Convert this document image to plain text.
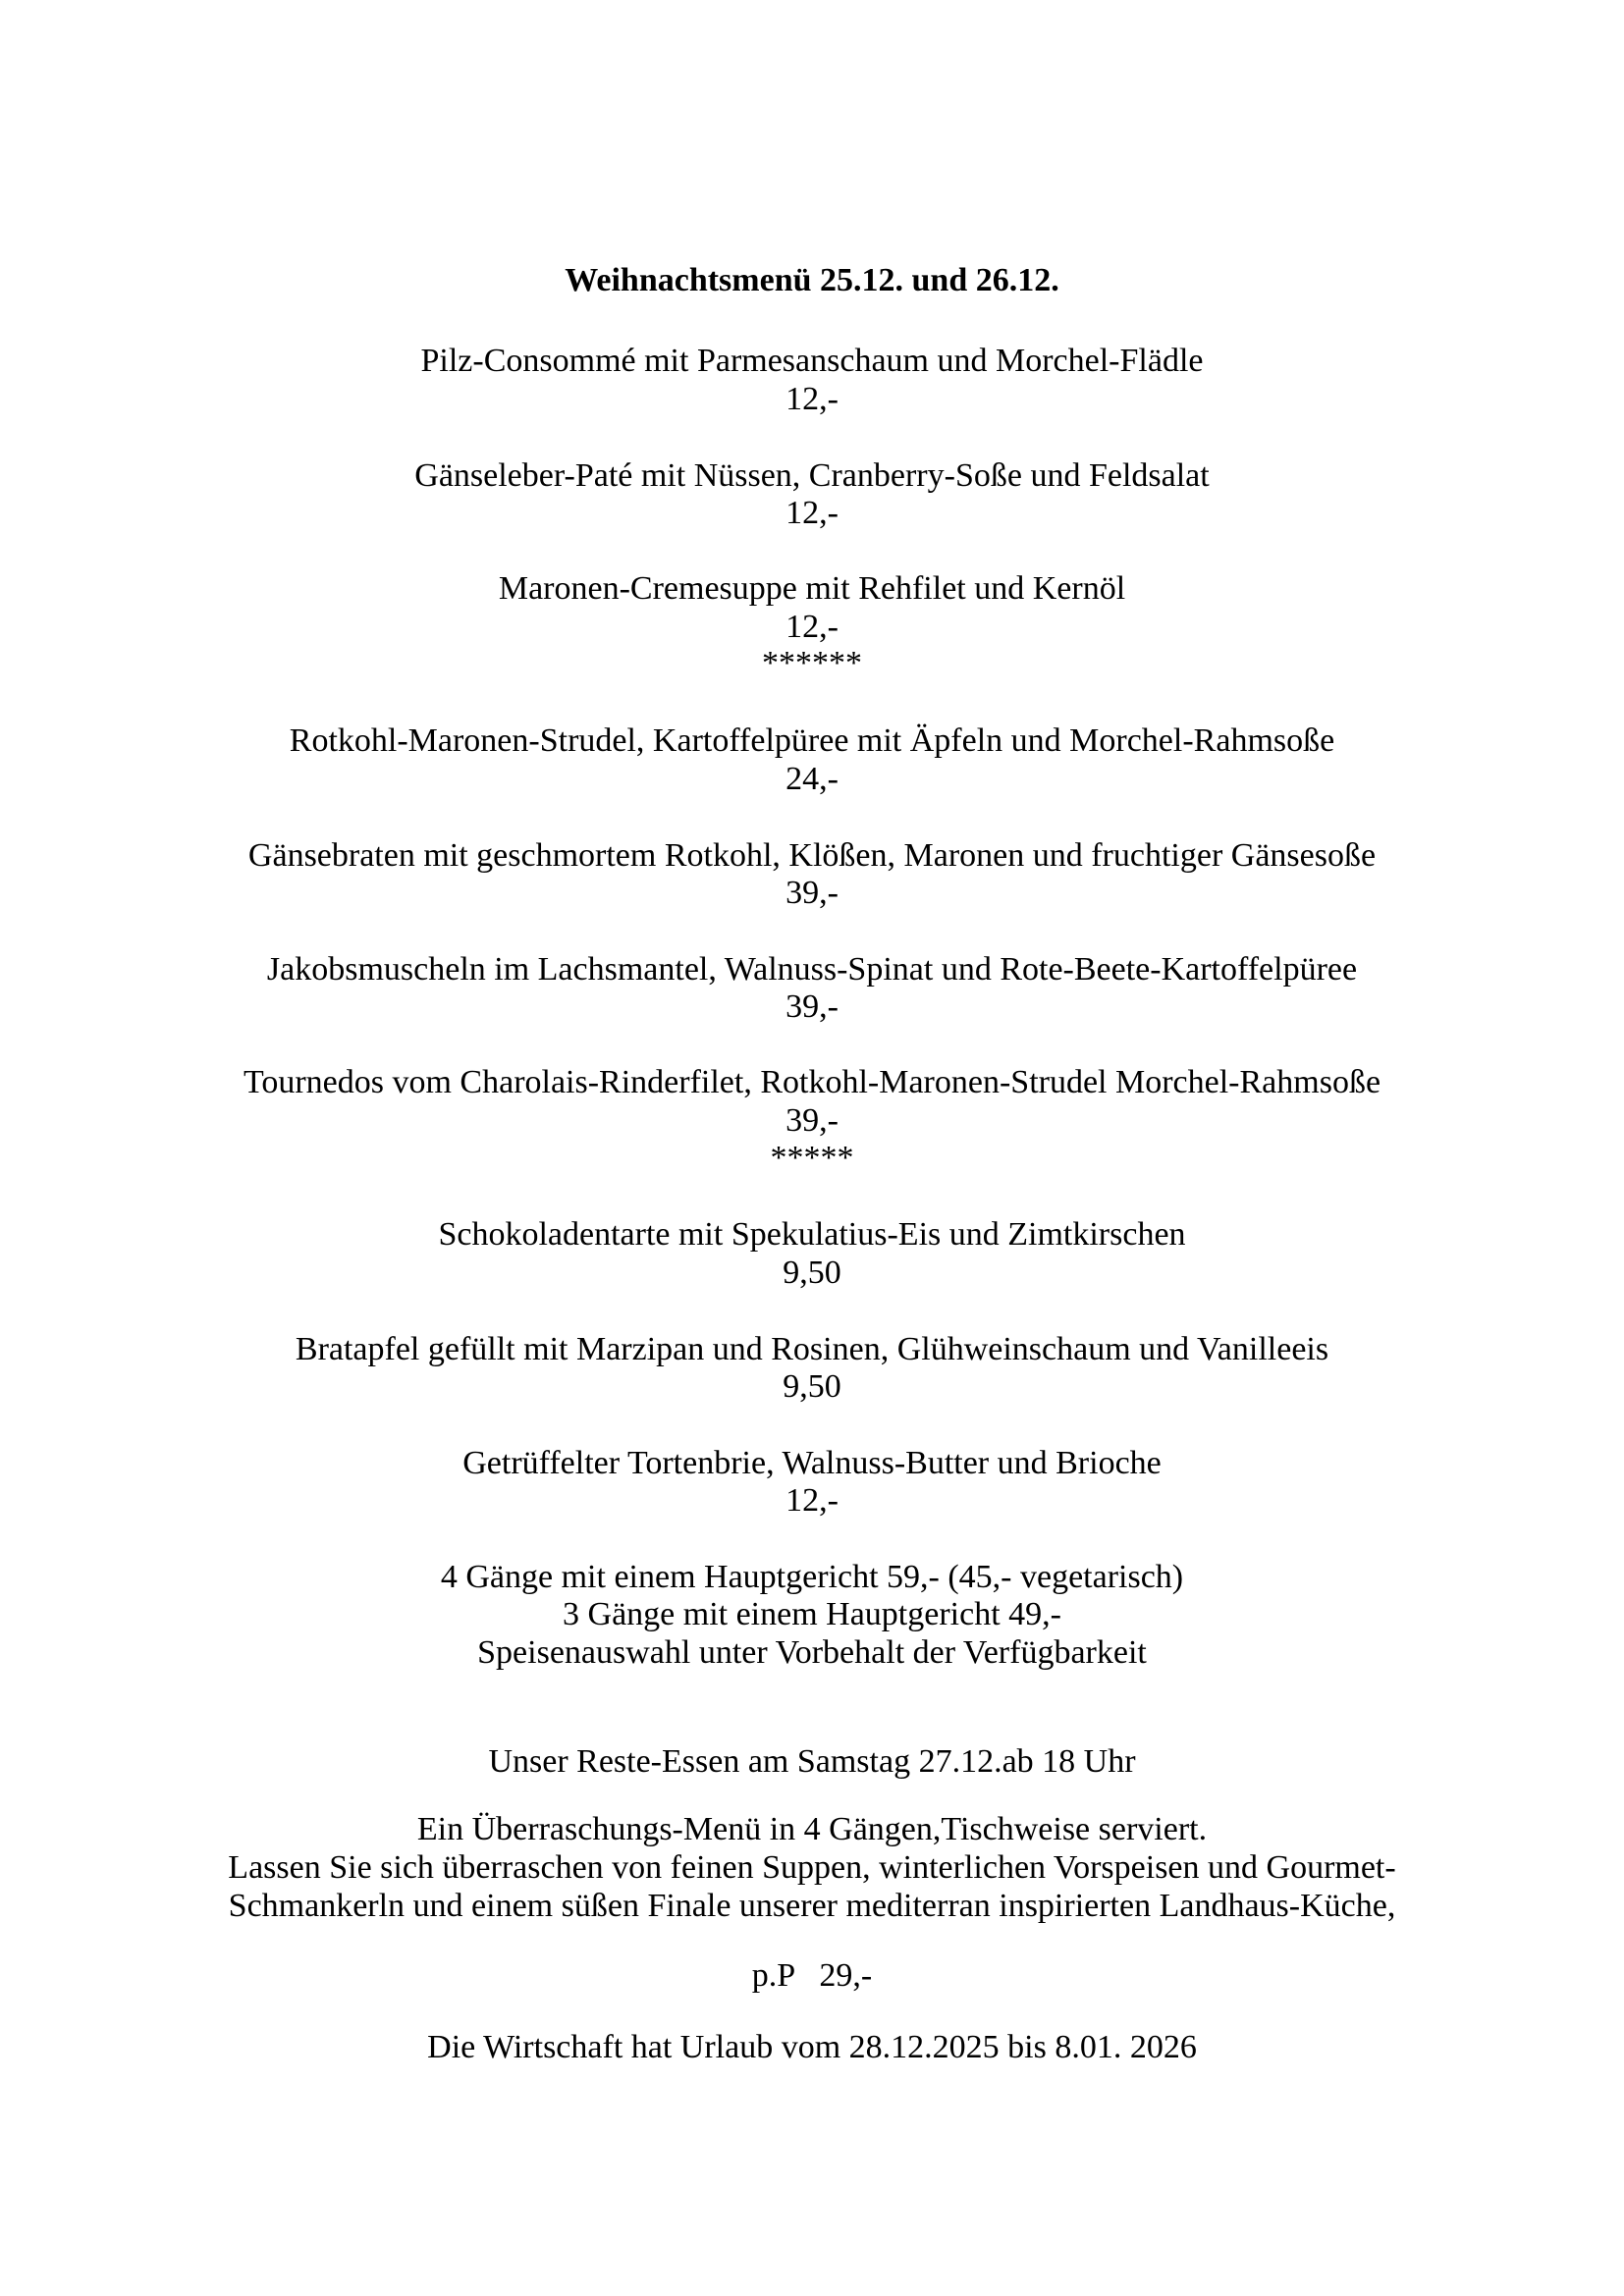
Weihnachtsmenü 25.12. und 26.12.
Pilz-Consommé mit Parmesanschaum und Morchel-Flädle
12,-
Gänseleber-Paté mit Nüssen, Cranberry-Soße und Feldsalat
12,-
Maronen-Cremesuppe mit Rehfilet und Kernöl
12,-
******
Rotkohl-Maronen-Strudel, Kartoffelpüree mit Äpfeln und Morchel-Rahmsoße
24,-
Gänsebraten mit geschmortem Rotkohl, Klößen, Maronen und fruchtiger Gänsesoße
39,-
Jakobsmuscheln im Lachsmantel, Walnuss-Spinat und Rote-Beete-Kartoffelpüree
39,-
Tournedos vom Charolais-Rinderfilet, Rotkohl-Maronen-Strudel Morchel-Rahmsoße
39,-
*****
Schokoladentarte mit Spekulatius-Eis und Zimtkirschen
9,50
Bratapfel gefüllt mit Marzipan und Rosinen, Glühweinschaum und Vanilleeis
9,50
Getrüffelter Tortenbrie, Walnuss-Butter und Brioche
12,-
4 Gänge mit einem Hauptgericht 59,- (45,- vegetarisch)
3 Gänge mit einem Hauptgericht 49,-
Speisenauswahl unter Vorbehalt der Verfügbarkeit
Unser Reste-Essen am Samstag 27.12.ab 18 Uhr
Ein Überraschungs-Menü in 4 Gängen,Tischweise serviert.
Lassen Sie sich überraschen von feinen Suppen, winterlichen Vorspeisen und Gourmet-
Schmankerln und einem süßen Finale unserer mediterran inspirierten Landhaus-Küche,
p.P   29,-
Die Wirtschaft hat Urlaub vom 28.12.2025 bis 8.01. 2026
